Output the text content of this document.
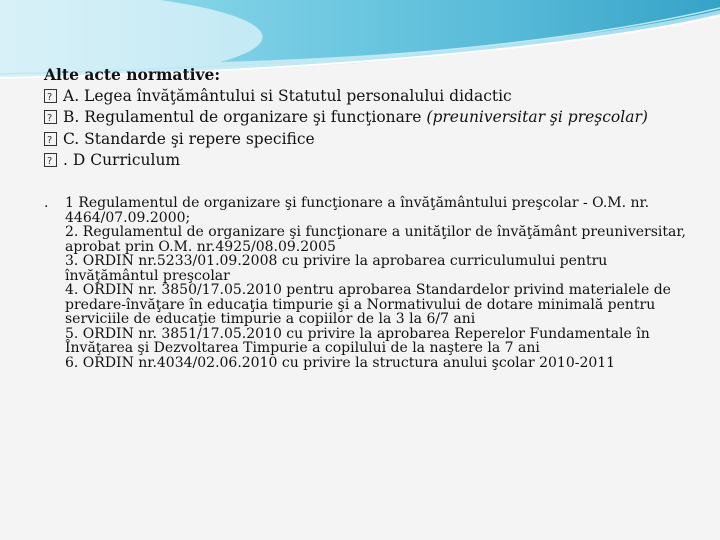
Alte acte normative:
?A. Legea învăţământului si Statutul personalului didactic
?B. Regulamentul de organizare şi funcţionare (preuniversitar şi preşcolar)
?C. Standarde şi repere specifice
?. D Curriculum
. 1 Regulamentul de organizare şi funcţionare a învăţământului preşcolar - O.M. nr. 4464/07.09.2000;

2. Regulamentul de organizare şi funcţionare a unităţilor de învăţământ preuniversitar, aprobat prin O.M. nr.4925/08.09.2005

3. ORDIN nr.5233/01.09.2008 cu privire la aprobarea curriculumului pentru învăţământul preşcolar

4. ORDIN nr. 3850/17.05.2010 pentru aprobarea Standardelor privind materialele de predare-învăţare în educaţia timpurie şi a Normativului de dotare minimală pentru serviciile de educaţie timpurie a copiilor de la 3 la 6/7 ani

5. ORDIN nr. 3851/17.05.2010 cu privire la aprobarea Reperelor Fundamentale în Învăţarea şi Dezvoltarea Timpurie a copilului de la naştere la 7 ani

6. ORDIN nr.4034/02.06.2010 cu privire la structura anului şcolar 2010-2011
